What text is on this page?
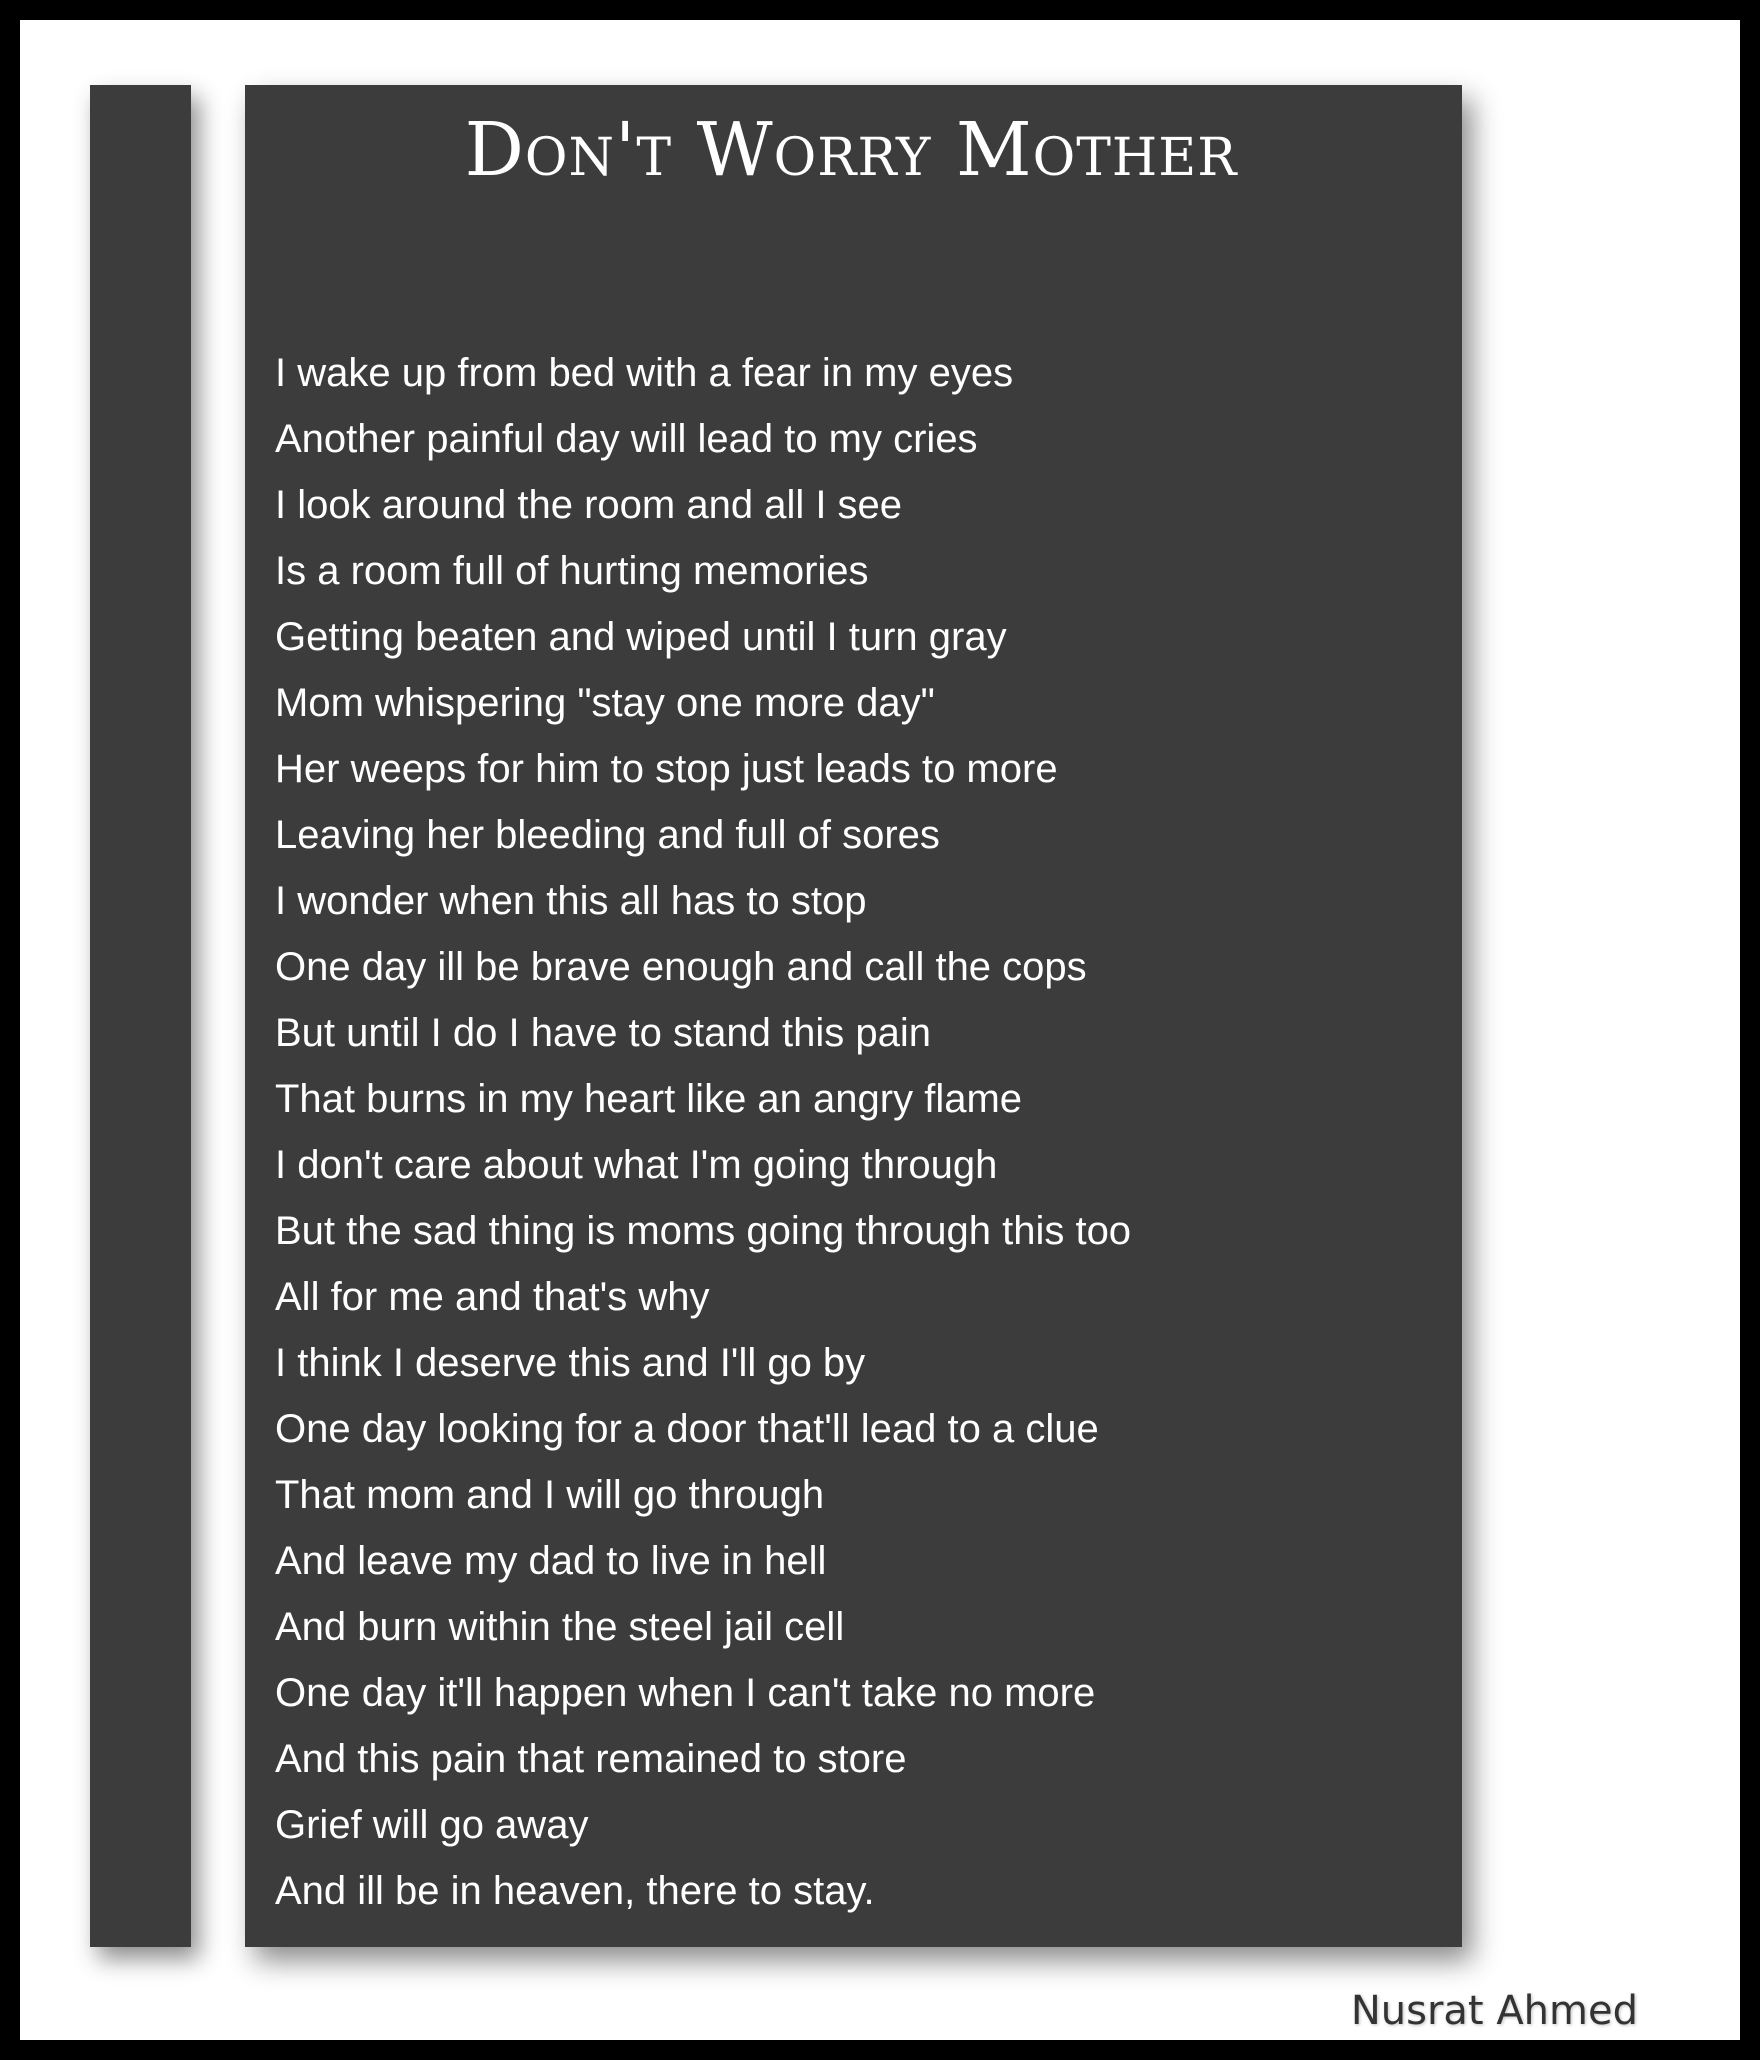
Don't Worry Mother
I wake up from bed with a fear in my eyes
Another painful day will lead to my cries
I look around the room and all I see
Is a room full of hurting memories
Getting beaten and wiped until I turn gray
Mom whispering "stay one more day"
Her weeps for him to stop just leads to more
Leaving her bleeding and full of sores
I wonder when this all has to stop
One day ill be brave enough and call the cops
But until I do I have to stand this pain
That burns in my heart like an angry flame
I don't care about what I'm going through
But the sad thing is moms going through this too
All for me and that's why
I think I deserve this and I'll go by
One day looking for a door that'll lead to a clue
That mom and I will go through
And leave my dad to live in hell
And burn within the steel jail cell
One day it'll happen when I can't take no more
And this pain that remained to store
Grief will go away
And ill be in heaven, there to stay.
Nusrat Ahmed
